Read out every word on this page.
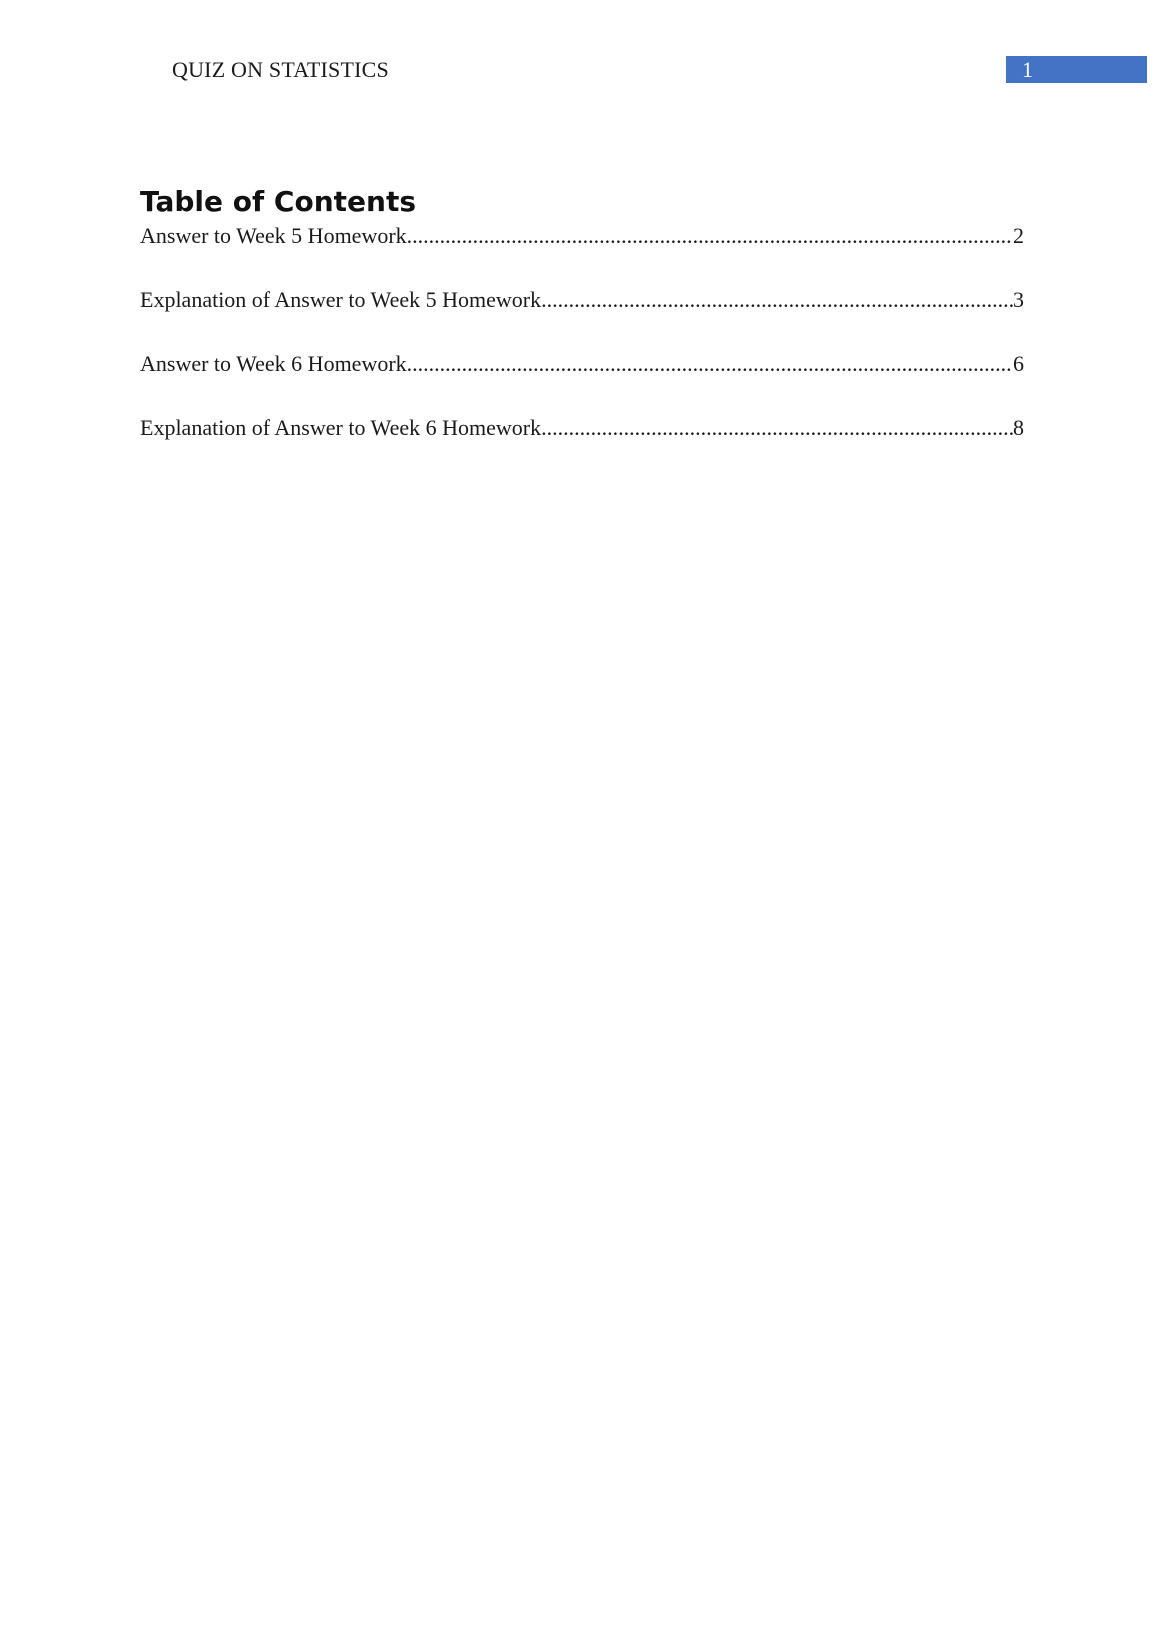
QUIZ ON STATISTICS	1
Table of Contents
Answer to Week 5 Homework .....	2
Explanation of Answer to Week 5 Homework .....	3
Answer to Week 6 Homework .....	6
Explanation of Answer to Week 6 Homework .....	8
